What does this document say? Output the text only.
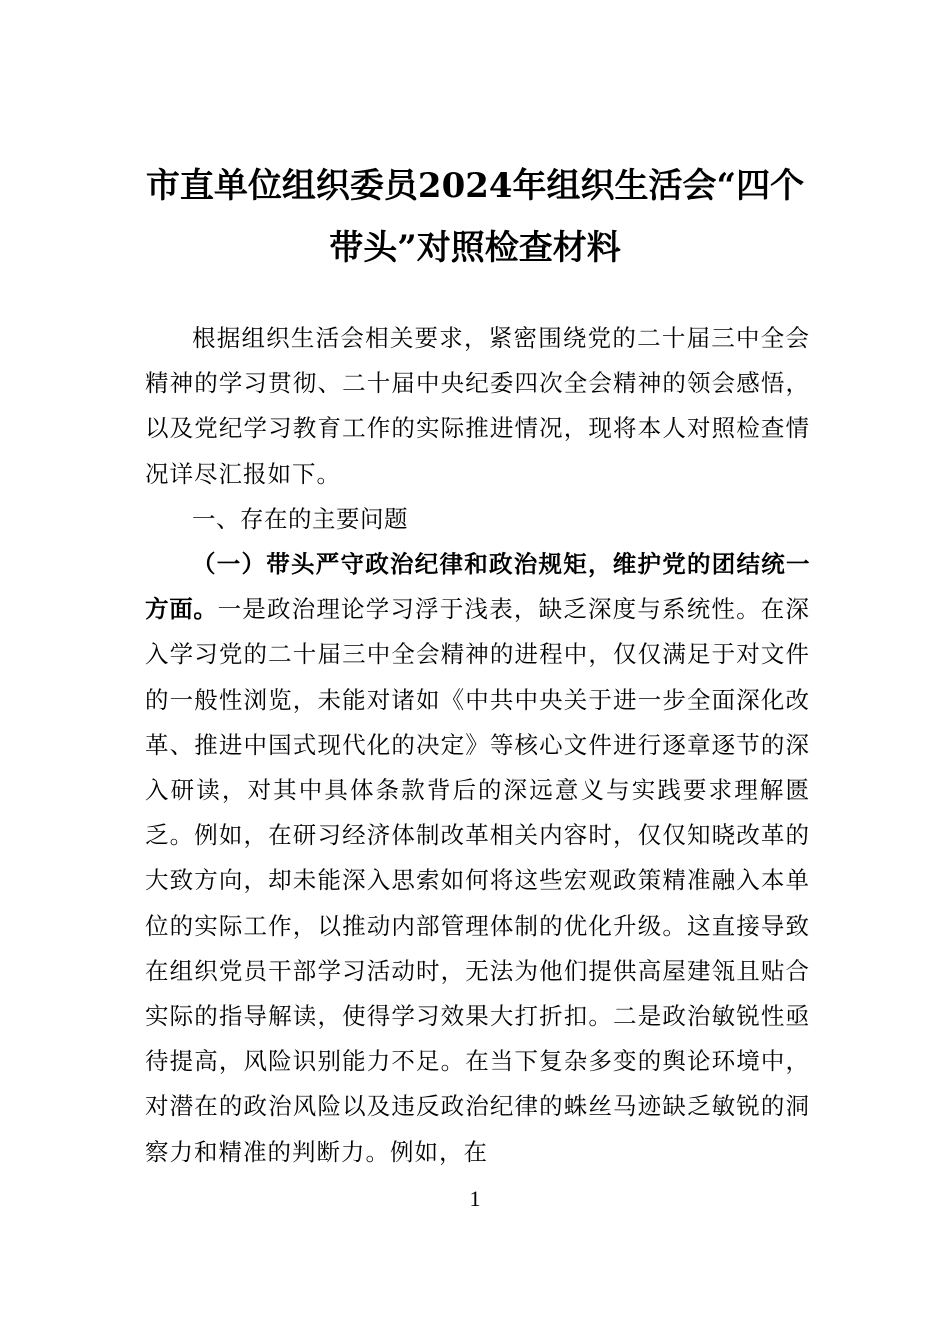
市直单位组织委员2024年组织生活会“四个带头”对照检查材料

根据组织生活会相关要求，紧密围绕党的二十届三中全会精神的学习贯彻、二十届中央纪委四次全会精神的领会感悟，以及党纪学习教育工作的实际推进情况，现将本人对照检查情况详尽汇报如下。

一、存在的主要问题

（一）带头严守政治纪律和政治规矩，维护党的团结统一方面。一是政治理论学习浮于浅表，缺乏深度与系统性。在深入学习党的二十届三中全会精神的进程中，仅仅满足于对文件的一般性浏览，未能对诸如《中共中央关于进一步全面深化改革、推进中国式现代化的决定》等核心文件进行逐章逐节的深入研读，对其中具体条款背后的深远意义与实践要求理解匮乏。例如，在研习经济体制改革相关内容时，仅仅知晓改革的大致方向，却未能深入思索如何将这些宏观政策精准融入本单位的实际工作，以推动内部管理体制的优化升级。这直接导致在组织党员干部学习活动时，无法为他们提供高屋建瓴且贴合实际的指导解读，使得学习效果大打折扣。二是政治敏锐性亟待提高，风险识别能力不足。在当下复杂多变的舆论环境中，对潜在的政治风险以及违反政治纪律的蛛丝马迹缺乏敏锐的洞察力和精准的判断力。例如，在

1
